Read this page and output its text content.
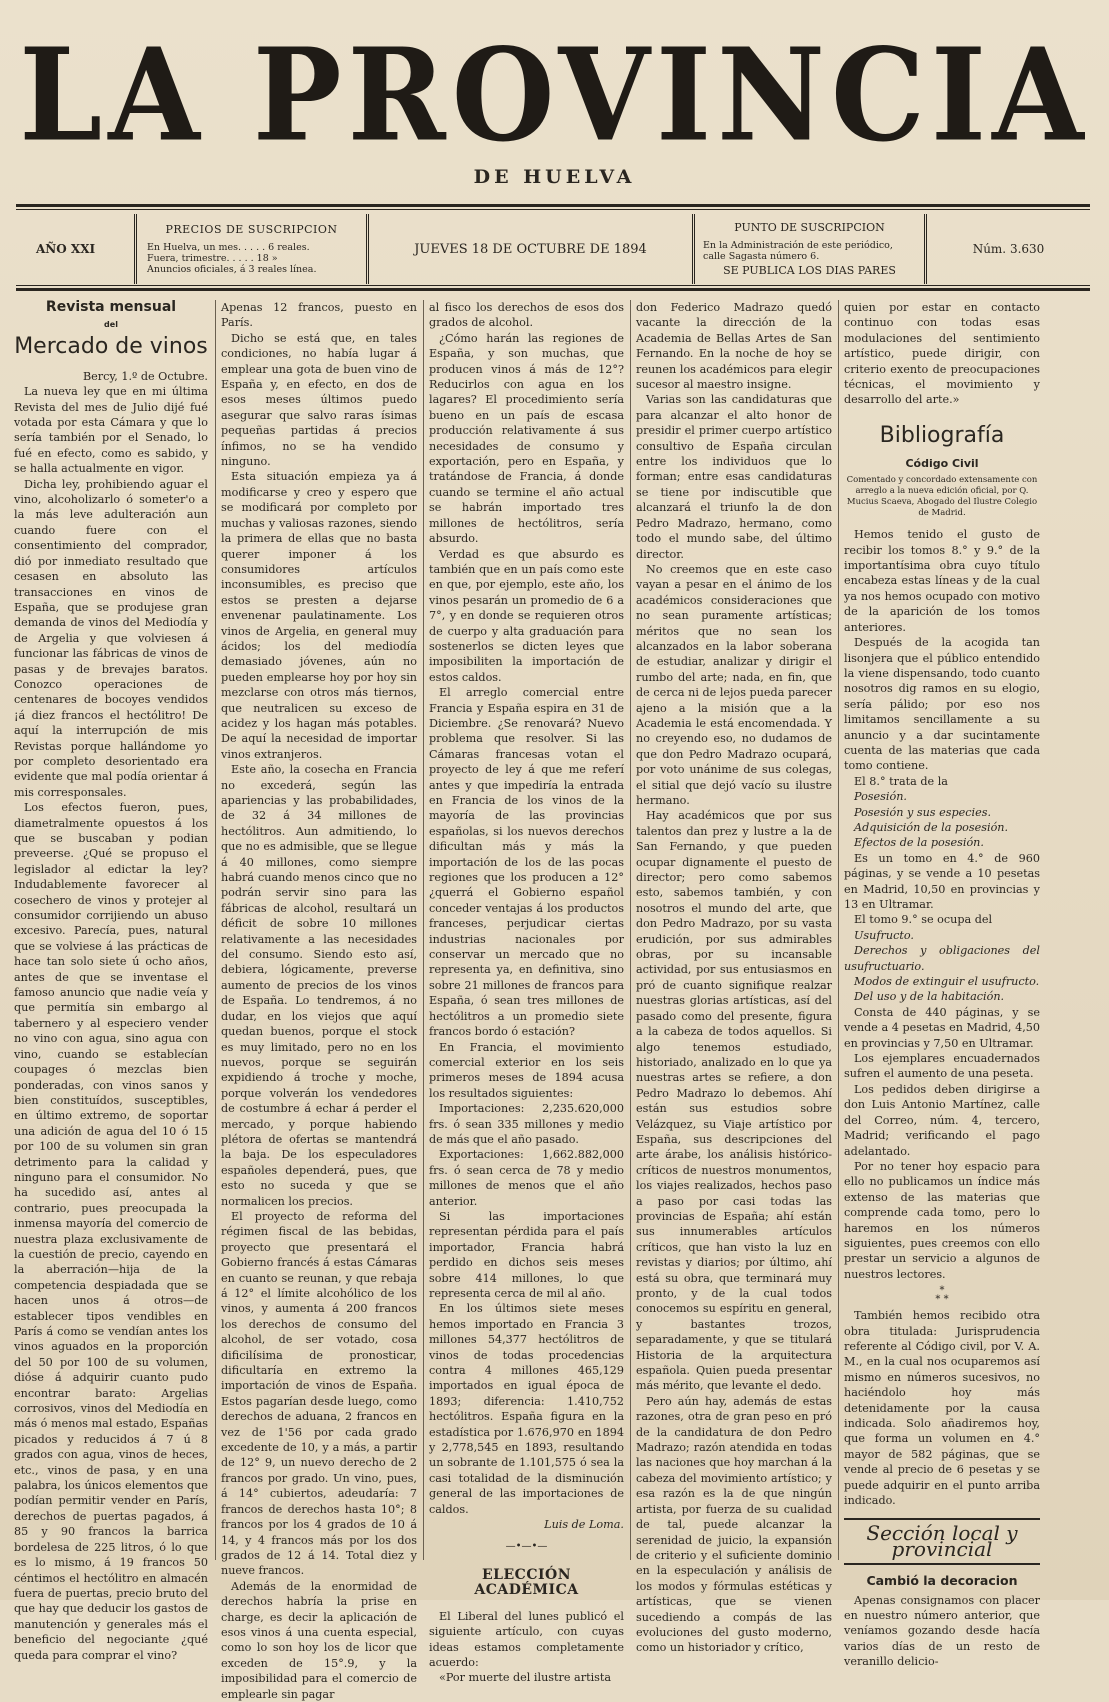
LA PROVINCIA
DE HUELVA
AÑO XXI
PRECIOS DE SUSCRIPCION
En Huelva, un mes. . . . . 6 reales.
Fuera, trimestre. . . . . 18 »
Anuncios oficiales, á 3 reales línea.
JUEVES 18 DE OCTUBRE DE 1894
PUNTO DE SUSCRIPCION
En la Administración de este periódico,
calle Sagasta número 6.
SE PUBLICA LOS DIAS PARES
Núm. 3.630
Revista mensual
del
Mercado de vinos

Bercy, 1.º de Octubre.

La nueva ley que en mi última Revista del mes de Julio dijé fué votada por esta Cámara y que lo sería también por el Senado, lo fué en efecto, como es sabido, y se halla actualmente en vigor.

Dicha ley, prohibiendo aguar el vino, alcoholizarlo ó someter'o a la más leve adulteración aun cuando fuere con el consentimiento del comprador, dió por inmediato resultado que cesasen en absoluto las transacciones en vinos de España, que se produjese gran demanda de vinos del Mediodía y de Argelia y que volviesen á funcionar las fábricas de vinos de pasas y de brevajes baratos. Conozco operaciones de centenares de bocoyes vendidos ¡á diez francos el hectólitro! De aquí la interrupción de mis Revistas porque hallándome yo por completo desorientado era evidente que mal podía orientar á mis corresponsales.

Los efectos fueron, pues, diametralmente opuestos á los que se buscaban y podian preveerse. ¿Qué se propuso el legislador al edictar la ley? Indudablemente favorecer al cosechero de vinos y protejer al consumidor corrijiendo un abuso excesivo. Parecía, pues, natural que se volviese á las prácticas de hace tan solo siete ú ocho años, antes de que se inventase el famoso anuncio que nadie veía y que permitía sin embargo al tabernero y al especiero vender no vino con agua, sino agua con vino, cuando se establecían coupages ó mezclas bien ponderadas, con vinos sanos y bien constituídos, susceptibles, en último extremo, de soportar una adición de agua del 10 ó 15 por 100 de su volumen sin gran detrimento para la calidad y ninguno para el consumidor. No ha sucedido así, antes al contrario, pues preocupada la inmensa mayoría del comercio de nuestra plaza exclusivamente de la cuestión de precio, cayendo en la aberración—hija de la competencia despiadada que se hacen unos á otros—de establecer tipos vendibles en París á como se vendían antes los vinos aguados en la proporción del 50 por 100 de su volumen, dióse á adquirir cuanto pudo encontrar barato: Argelias corrosivos, vinos del Mediodía en más ó menos mal estado, Españas picados y reducidos á 7 ú 8 grados con agua, vinos de heces, etc., vinos de pasa, y en una palabra, los únicos elementos que podían permitir vender en París, derechos de puertas pagados, á 85 y 90 francos la barrica bordelesa de 225 litros, ó lo que es lo mismo, á 19 francos 50 céntimos el hectólitro en almacén fuera de puertas, precio bruto del que hay que deducir los gastos de manutención y generales más el beneficio del negociante ¿qué queda para comprar el vino?

Apenas 12 francos, puesto en París.

Dicho se está que, en tales condiciones, no había lugar á emplear una gota de buen vino de España y, en efecto, en dos de esos meses últimos puedo asegurar que salvo raras ísimas pequeñas partidas á precios ínfimos, no se ha vendido ninguno.

Esta situación empieza ya á modificarse y creo y espero que se modificará por completo por muchas y valiosas razones, siendo la primera de ellas que no basta querer imponer á los consumidores artículos inconsumibles, es preciso que estos se presten a dejarse envenenar paulatinamente. Los vinos de Argelia, en general muy ácidos; los del mediodía demasiado jóvenes, aún no pueden emplearse hoy por hoy sin mezclarse con otros más tiernos, que neutralicen su exceso de acidez y los hagan más potables. De aquí la necesidad de importar vinos extranjeros.

Este año, la cosecha en Francia no excederá, según las apariencias y las probabilidades, de 32 á 34 millones de hectólitros. Aun admitiendo, lo que no es admisible, que se llegue á 40 millones, como siempre habrá cuando menos cinco que no podrán servir sino para las fábricas de alcohol, resultará un déficit de sobre 10 millones relativamente a las necesidades del consumo. Siendo esto así, debiera, lógicamente, preverse aumento de precios de los vinos de España. Lo tendremos, á no dudar, en los viejos que aquí quedan buenos, porque el stock es muy limitado, pero no en los nuevos, porque se seguirán expidiendo á troche y moche, porque volverán los vendedores de costumbre á echar á perder el mercado, y porque habiendo plétora de ofertas se mantendrá la baja. De los especuladores españoles dependerá, pues, que esto no suceda y que se normalicen los precios.

El proyecto de reforma del régimen fiscal de las bebidas, proyecto que presentará el Gobierno francés á estas Cámaras en cuanto se reunan, y que rebaja á 12° el límite alcohólico de los vinos, y aumenta á 200 francos los derechos de consumo del alcohol, de ser votado, cosa dificilísima de pronosticar, dificultaría en extremo la importación de vinos de España. Estos pagarían desde luego, como derechos de aduana, 2 francos en vez de 1'56 por cada grado excedente de 10, y a más, a partir de 12° 9, un nuevo derecho de 2 francos por grado. Un vino, pues, á 14° cubiertos, adeudaría: 7 francos de derechos hasta 10°; 8 francos por los 4 grados de 10 á 14, y 4 francos más por los dos grados de 12 á 14. Total diez y nueve francos.

Además de la enormidad de derechos habría la prise en charge, es decir la aplicación de esos vinos á una cuenta especial, como lo son hoy los de licor que exceden de 15°.9, y la imposibilidad para el comercio de emplearle sin pagar

al fisco los derechos de esos dos grados de alcohol.

¿Cómo harán las regiones de España, y son muchas, que producen vinos á más de 12°? Reducirlos con agua en los lagares? El procedimiento sería bueno en un país de escasa producción relativamente á sus necesidades de consumo y exportación, pero en España, y tratándose de Francia, á donde cuando se termine el año actual se habrán importado tres millones de hectólitros, sería absurdo.

Verdad es que absurdo es también que en un país como este en que, por ejemplo, este año, los vinos pesarán un promedio de 6 a 7°, y en donde se requieren otros de cuerpo y alta graduación para sostenerlos se dicten leyes que imposibiliten la importación de estos caldos.

El arreglo comercial entre Francia y España espira en 31 de Diciembre. ¿Se renovará? Nuevo problema que resolver. Si las Cámaras francesas votan el proyecto de ley á que me referí antes y que impediría la entrada en Francia de los vinos de la mayoría de las provincias españolas, si los nuevos derechos dificultan más y más la importación de los de las pocas regiones que los producen a 12° ¿querrá el Gobierno español conceder ventajas á los productos franceses, perjudicar ciertas industrias nacionales por conservar un mercado que no representa ya, en definitiva, sino sobre 21 millones de francos para España, ó sean tres millones de hectólitros a un promedio siete francos bordo ó estación?

En Francia, el movimiento comercial exterior en los seis primeros meses de 1894 acusa los resultados siguientes:

Importaciones: 2,235.620,000 frs. ó sean 335 millones y medio de más que el año pasado.

Exportaciones: 1,662.882,000 frs. ó sean cerca de 78 y medio millones de menos que el año anterior.

Si las importaciones representan pérdida para el país importador, Francia habrá perdido en dichos seis meses sobre 414 millones, lo que representa cerca de mil al año.

En los últimos siete meses hemos importado en Francia 3 millones 54,377 hectólitros de vinos de todas procedencias contra 4 millones 465,129 importados en igual época de 1893; diferencia: 1.410,752 hectólitros. España figura en la estadística por 1.676,970 en 1894 y 2,778,545 en 1893, resultando un sobrante de 1.101,575 ó sea la casi totalidad de la disminución general de las importaciones de caldos.

Luis de Loma.

—•—•—
ELECCIÓN ACADÉMICA

El Liberal del lunes publicó el siguiente artículo, con cuyas ideas estamos completamente acuerdo:

«Por muerte del ilustre artista

don Federico Madrazo quedó vacante la dirección de la Academia de Bellas Artes de San Fernando. En la noche de hoy se reunen los académicos para elegir sucesor al maestro insigne.

Varias son las candidaturas que para alcanzar el alto honor de presidir el primer cuerpo artístico consultivo de España circulan entre los individuos que lo forman; entre esas candidaturas se tiene por indiscutible que alcanzará el triunfo la de don Pedro Madrazo, hermano, como todo el mundo sabe, del último director.

No creemos que en este caso vayan a pesar en el ánimo de los académicos consideraciones que no sean puramente artísticas; méritos que no sean los alcanzados en la labor soberana de estudiar, analizar y dirigir el rumbo del arte; nada, en fin, que de cerca ni de lejos pueda parecer ajeno a la misión que a la Academia le está encomendada. Y no creyendo eso, no dudamos de que don Pedro Madrazo ocupará, por voto unánime de sus colegas, el sitial que dejó vacío su ilustre hermano.

Hay académicos que por sus talentos dan prez y lustre a la de San Fernando, y que pueden ocupar dignamente el puesto de director; pero como sabemos esto, sabemos también, y con nosotros el mundo del arte, que don Pedro Madrazo, por su vasta erudición, por sus admirables obras, por su incansable actividad, por sus entusiasmos en pró de cuanto signifique realzar nuestras glorias artísticas, así del pasado como del presente, figura a la cabeza de todos aquellos. Si algo tenemos estudiado, historiado, analizado en lo que ya nuestras artes se refiere, a don Pedro Madrazo lo debemos. Ahí están sus estudios sobre Velázquez, su Viaje artístico por España, sus descripciones del arte árabe, los análisis histórico-críticos de nuestros monumentos, los viajes realizados, hechos paso a paso por casi todas las provincias de España; ahí están sus innumerables artículos críticos, que han visto la luz en revistas y diarios; por último, ahí está su obra, que terminará muy pronto, y de la cual todos conocemos su espíritu en general, y bastantes trozos, separadamente, y que se titulará Historia de la arquitectura española. Quien pueda presentar más mérito, que levante el dedo.

Pero aún hay, además de estas razones, otra de gran peso en pró de la candidatura de don Pedro Madrazo; razón atendida en todas las naciones que hoy marchan á la cabeza del movimiento artístico; y esa razón es la de que ningún artista, por fuerza de su cualidad de tal, puede alcanzar la serenidad de juicio, la expansión de criterio y el suficiente dominio en la especulación y análisis de los modos y fórmulas estéticas y artísticas, que se vienen sucediendo a compás de las evoluciones del gusto moderno, como un historiador y crítico,

quien por estar en contacto continuo con todas esas modulaciones del sentimiento artístico, puede dirigir, con criterio exento de preocupaciones técnicas, el movimiento y desarrollo del arte.»

Bibliografía
Código Civil
Comentado y concordado extensamente con arreglo a la nueva edición oficial, por Q. Mucius Scaeva, Abogado del Ilustre Colegio de Madrid.

Hemos tenido el gusto de recibir los tomos 8.° y 9.° de la importantísima obra cuyo título encabeza estas líneas y de la cual ya nos hemos ocupado con motivo de la aparición de los tomos anteriores.

Después de la acogida tan lisonjera que el público entendido la viene dispensando, todo cuanto nosotros dig ramos en su elogio, sería pálido; por eso nos limitamos sencillamente a su anuncio y a dar sucintamente cuenta de las materias que cada tomo contiene.

El 8.° trata de la

Posesión.

Posesión y sus especies.

Adquisición de la posesión.

Efectos de la posesión.

Es un tomo en 4.° de 960 páginas, y se vende a 10 pesetas en Madrid, 10,50 en provincias y 13 en Ultramar.

El tomo 9.° se ocupa del

Usufructo.

Derechos y obligaciones del usufructuario.

Modos de extinguir el usufructo.

Del uso y de la habitación.

Consta de 440 páginas, y se vende a 4 pesetas en Madrid, 4,50 en provincias y 7,50 en Ultramar.

Los ejemplares encuadernados sufren el aumento de una peseta.

Los pedidos deben dirigirse a don Luis Antonio Martínez, calle del Correo, núm. 4, tercero, Madrid; verificando el pago adelantado.

Por no tener hoy espacio para ello no publicamos un índice más extenso de las materias que comprende cada tomo, pero lo haremos en los números siguientes, pues creemos con ello prestar un servicio a algunos de nuestros lectores.

*
* *

También hemos recibido otra obra titulada: Jurisprudencia referente al Código civil, por V. A. M., en la cual nos ocuparemos así mismo en números sucesivos, no haciéndolo hoy más detenidamente por la causa indicada. Solo añadiremos hoy, que forma un volumen en 4.° mayor de 582 páginas, que se vende al precio de 6 pesetas y se puede adquirir en el punto arriba indicado.

Sección local y provincial
Cambió la decoracion

Apenas consignamos con placer en nuestro número anterior, que veníamos gozando desde hacía varios días de un resto de veranillo delicio-
